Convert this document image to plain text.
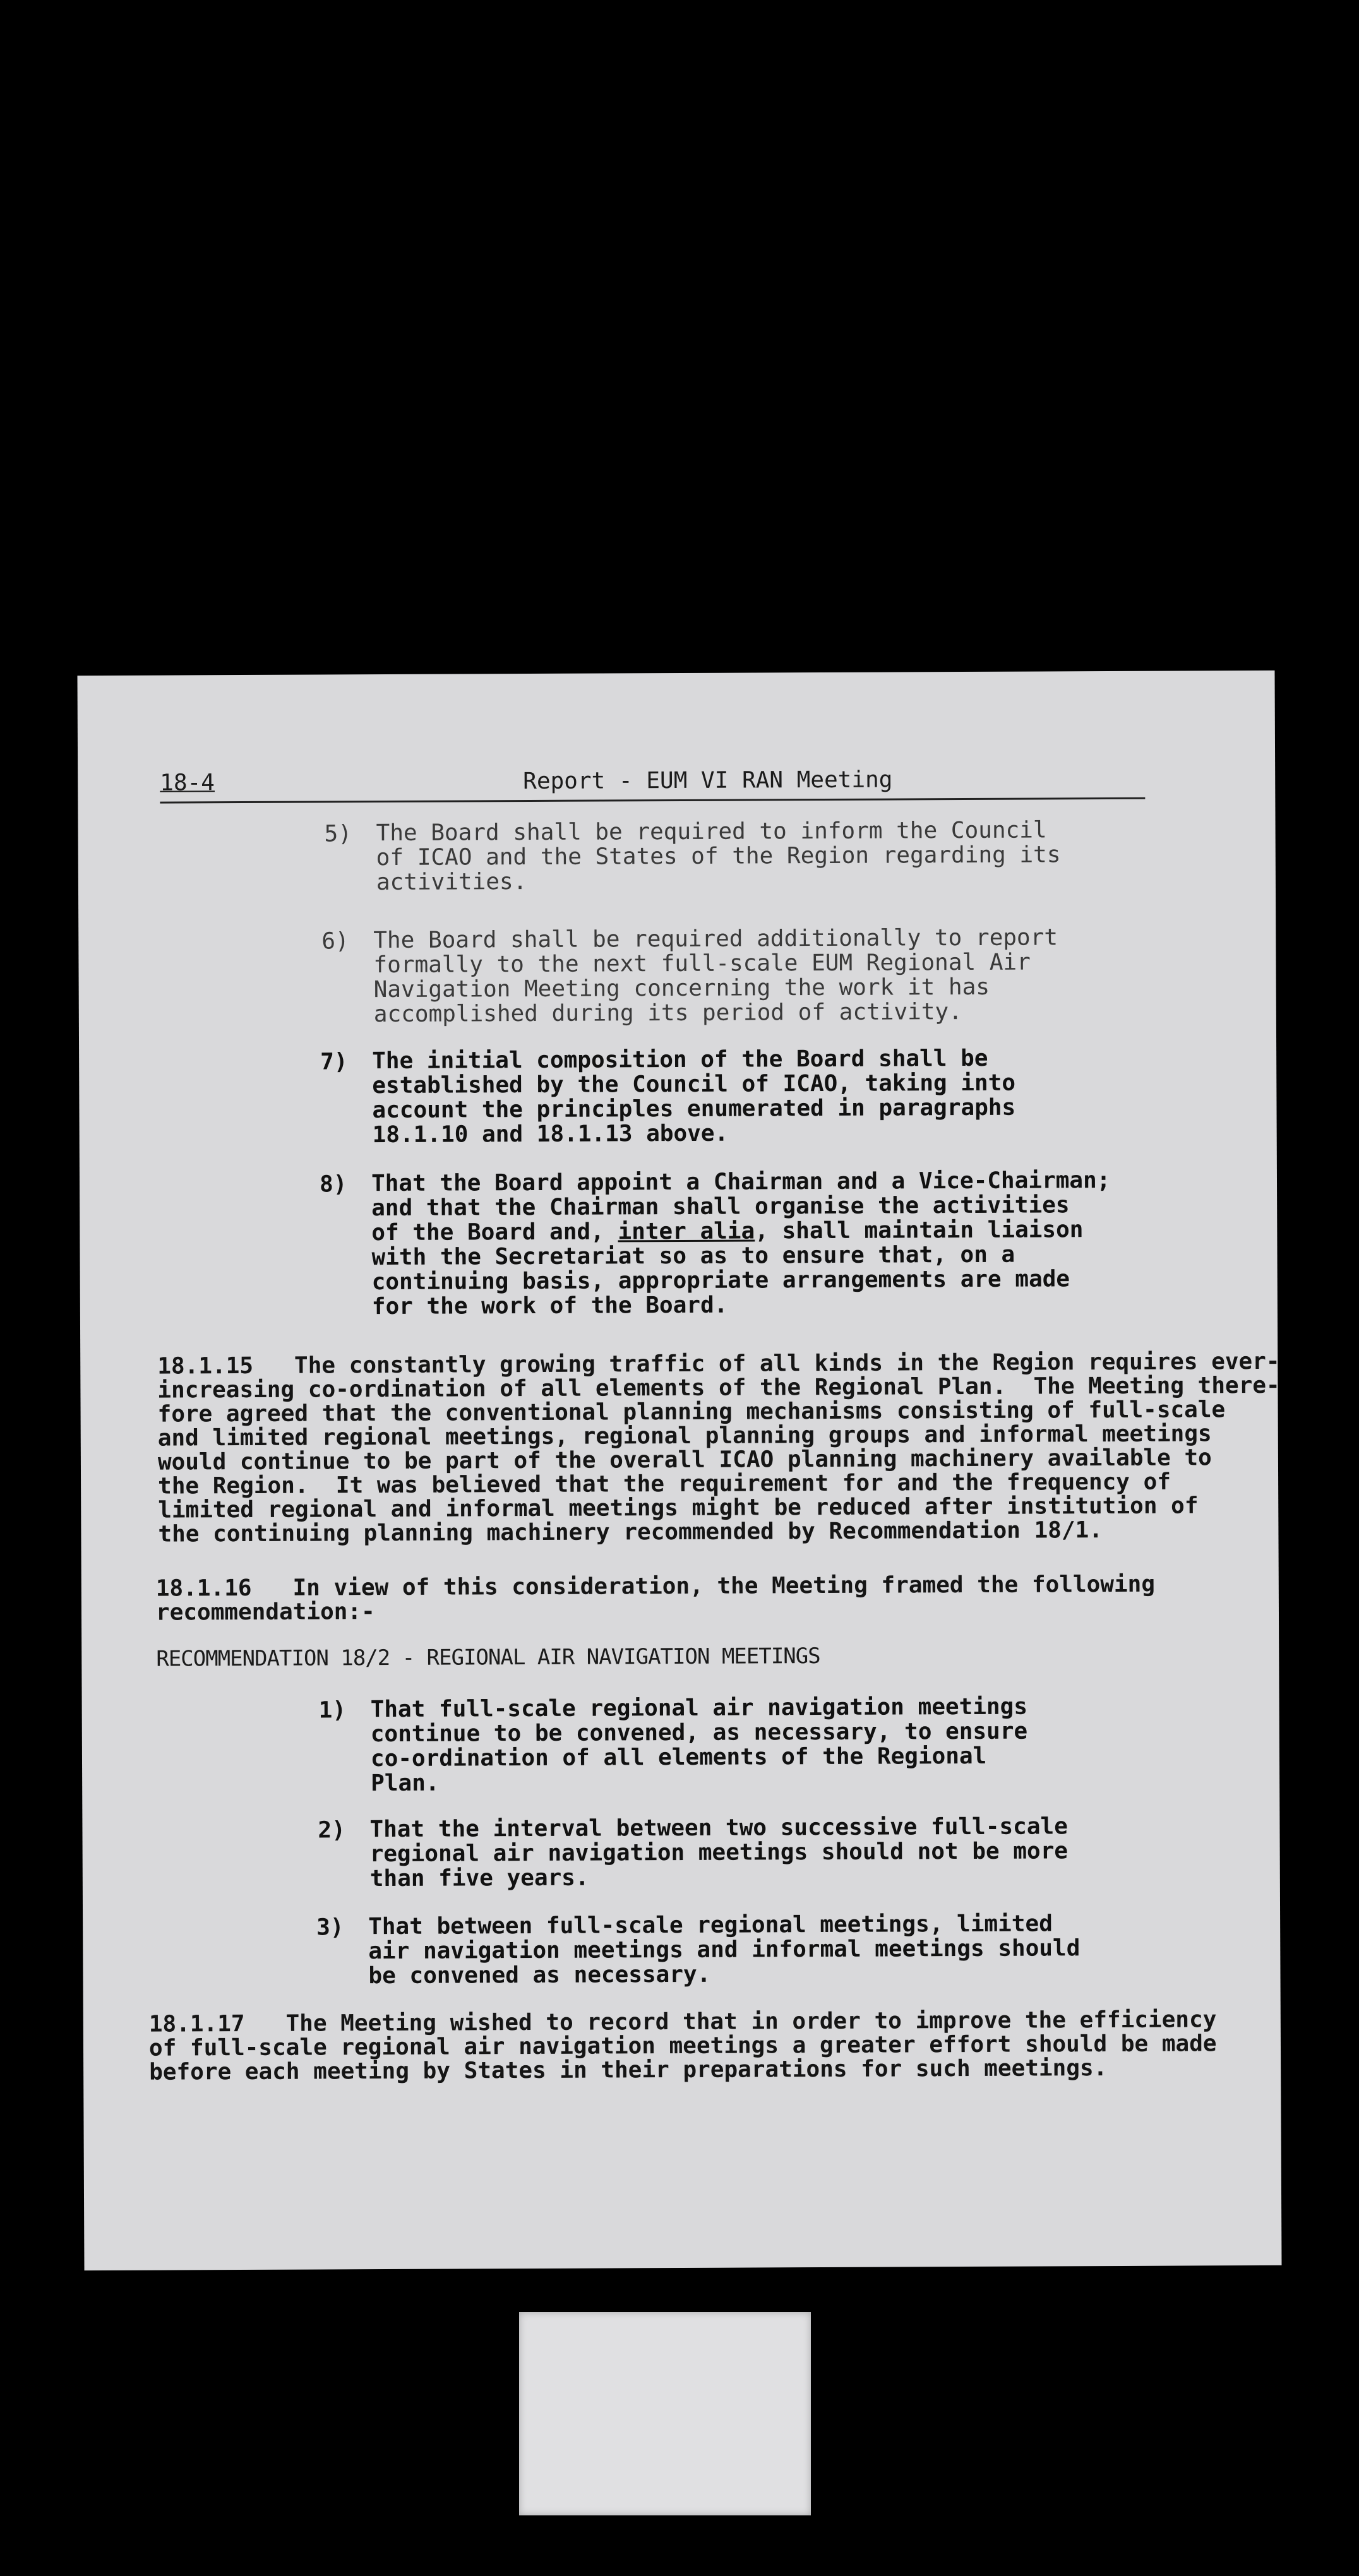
18-4	Report - EUM VI RAN Meeting
5) The Board shall be required to inform the Council
of ICAO and the States of the Region regarding its
activities.
6) The Board shall be required additionally to report
formally to the next full-scale EUM Regional Air
Navigation Meeting concerning the work it has
accomplished during its period of activity.
7) The initial composition of the Board shall be
established by the Council of ICAO, taking into
account the principles enumerated in paragraphs
18.1.10 and 18.1.13 above.
8) That the Board appoint a Chairman and a Vice-Chairman;
and that the Chairman shall organise the activities
of the Board and, inter alia, shall maintain liaison
with the Secretariat so as to ensure that, on a
continuing basis, appropriate arrangements are made
for the work of the Board.
18.1.15   The constantly growing traffic of all kinds in the Region requires ever-
increasing co-ordination of all elements of the Regional Plan.  The Meeting there-
fore agreed that the conventional planning mechanisms consisting of full-scale
and limited regional meetings, regional planning groups and informal meetings
would continue to be part of the overall ICAO planning machinery available to
the Region.  It was believed that the requirement for and the frequency of
limited regional and informal meetings might be reduced after institution of
the continuing planning machinery recommended by Recommendation 18/1.
18.1.16   In view of this consideration, the Meeting framed the following
recommendation:-
RECOMMENDATION 18/2 - REGIONAL AIR NAVIGATION MEETINGS
1) That full-scale regional air navigation meetings
continue to be convened, as necessary, to ensure
co-ordination of all elements of the Regional
Plan.
2) That the interval between two successive full-scale
regional air navigation meetings should not be more
than five years.
3) That between full-scale regional meetings, limited
air navigation meetings and informal meetings should
be convened as necessary.
18.1.17   The Meeting wished to record that in order to improve the efficiency
of full-scale regional air navigation meetings a greater effort should be made
before each meeting by States in their preparations for such meetings.
